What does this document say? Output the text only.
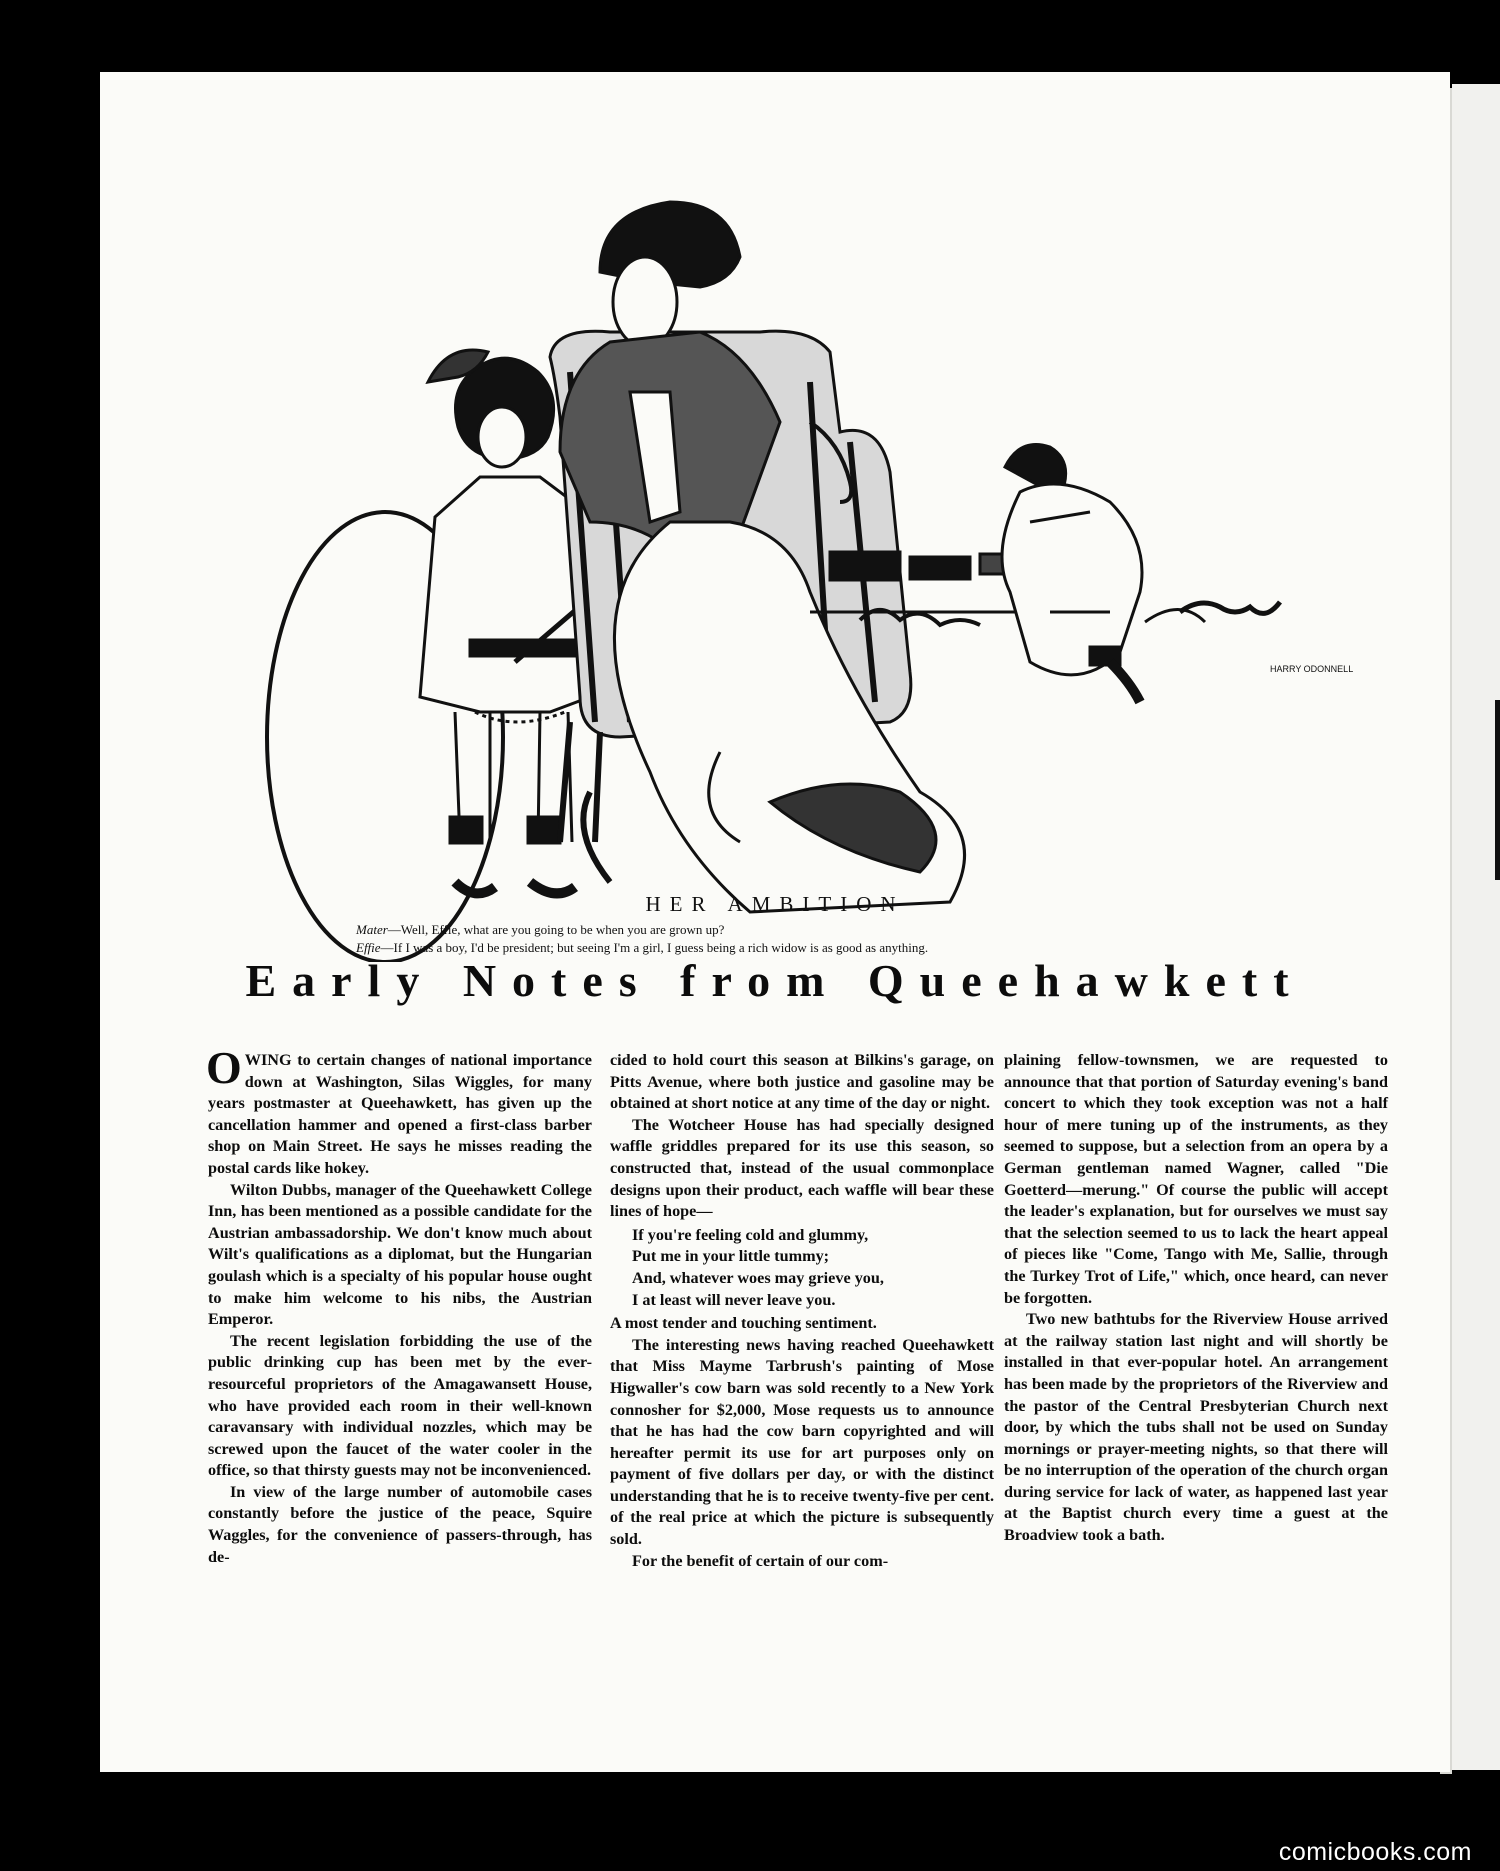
HARRY ODONNELL
HER AMBITION
Mater—Well, Effie, what are you going to be when you are grown up?
Effie—If I was a boy, I'd be president; but seeing I'm a girl, I guess being a rich widow is as good as anything.
Early Notes from Queehawkett

OWING to certain changes of national importance down at Washington, Silas Wiggles, for many years postmaster at Queehawkett, has given up the cancellation hammer and opened a first-class barber shop on Main Street. He says he misses reading the postal cards like hokey.

Wilton Dubbs, manager of the Queehawkett College Inn, has been mentioned as a possible candidate for the Austrian ambassadorship. We don't know much about Wilt's qualifications as a diplomat, but the Hungarian goulash which is a specialty of his popular house ought to make him welcome to his nibs, the Austrian Emperor.

The recent legislation forbidding the use of the public drinking cup has been met by the ever-resourceful proprietors of the Amagawansett House, who have provided each room in their well-known caravansary with individual nozzles, which may be screwed upon the faucet of the water cooler in the office, so that thirsty guests may not be inconvenienced.

In view of the large number of automobile cases constantly before the justice of the peace, Squire Waggles, for the convenience of passers-through, has de-

cided to hold court this season at Bilkins's garage, on Pitts Avenue, where both justice and gasoline may be obtained at short notice at any time of the day or night.

The Wotcheer House has had specially designed waffle griddles prepared for its use this season, so constructed that, instead of the usual commonplace designs upon their product, each waffle will bear these lines of hope—

If you're feeling cold and glummy,
Put me in your little tummy;
And, whatever woes may grieve you,
I at least will never leave you.

A most tender and touching sentiment.

The interesting news having reached Queehawkett that Miss Mayme Tarbrush's painting of Mose Higwaller's cow barn was sold recently to a New York connosher for $2,000, Mose requests us to announce that he has had the cow barn copyrighted and will hereafter permit its use for art purposes only on payment of five dollars per day, or with the distinct understanding that he is to receive twenty-five per cent. of the real price at which the picture is subsequently sold.

For the benefit of certain of our com-

plaining fellow-townsmen, we are requested to announce that that portion of Saturday evening's band concert to which they took exception was not a half hour of mere tuning up of the instruments, as they seemed to suppose, but a selection from an opera by a German gentleman named Wagner, called "Die Goetterd—merung." Of course the public will accept the leader's explanation, but for ourselves we must say that the selection seemed to us to lack the heart appeal of pieces like "Come, Tango with Me, Sallie, through the Turkey Trot of Life," which, once heard, can never be forgotten.

Two new bathtubs for the Riverview House arrived at the railway station last night and will shortly be installed in that ever-popular hotel. An arrangement has been made by the proprietors of the Riverview and the pastor of the Central Presbyterian Church next door, by which the tubs shall not be used on Sunday mornings or prayer-meeting nights, so that there will be no interruption of the operation of the church organ during service for lack of water, as happened last year at the Baptist church every time a guest at the Broadview took a bath.

comicbooks.com
